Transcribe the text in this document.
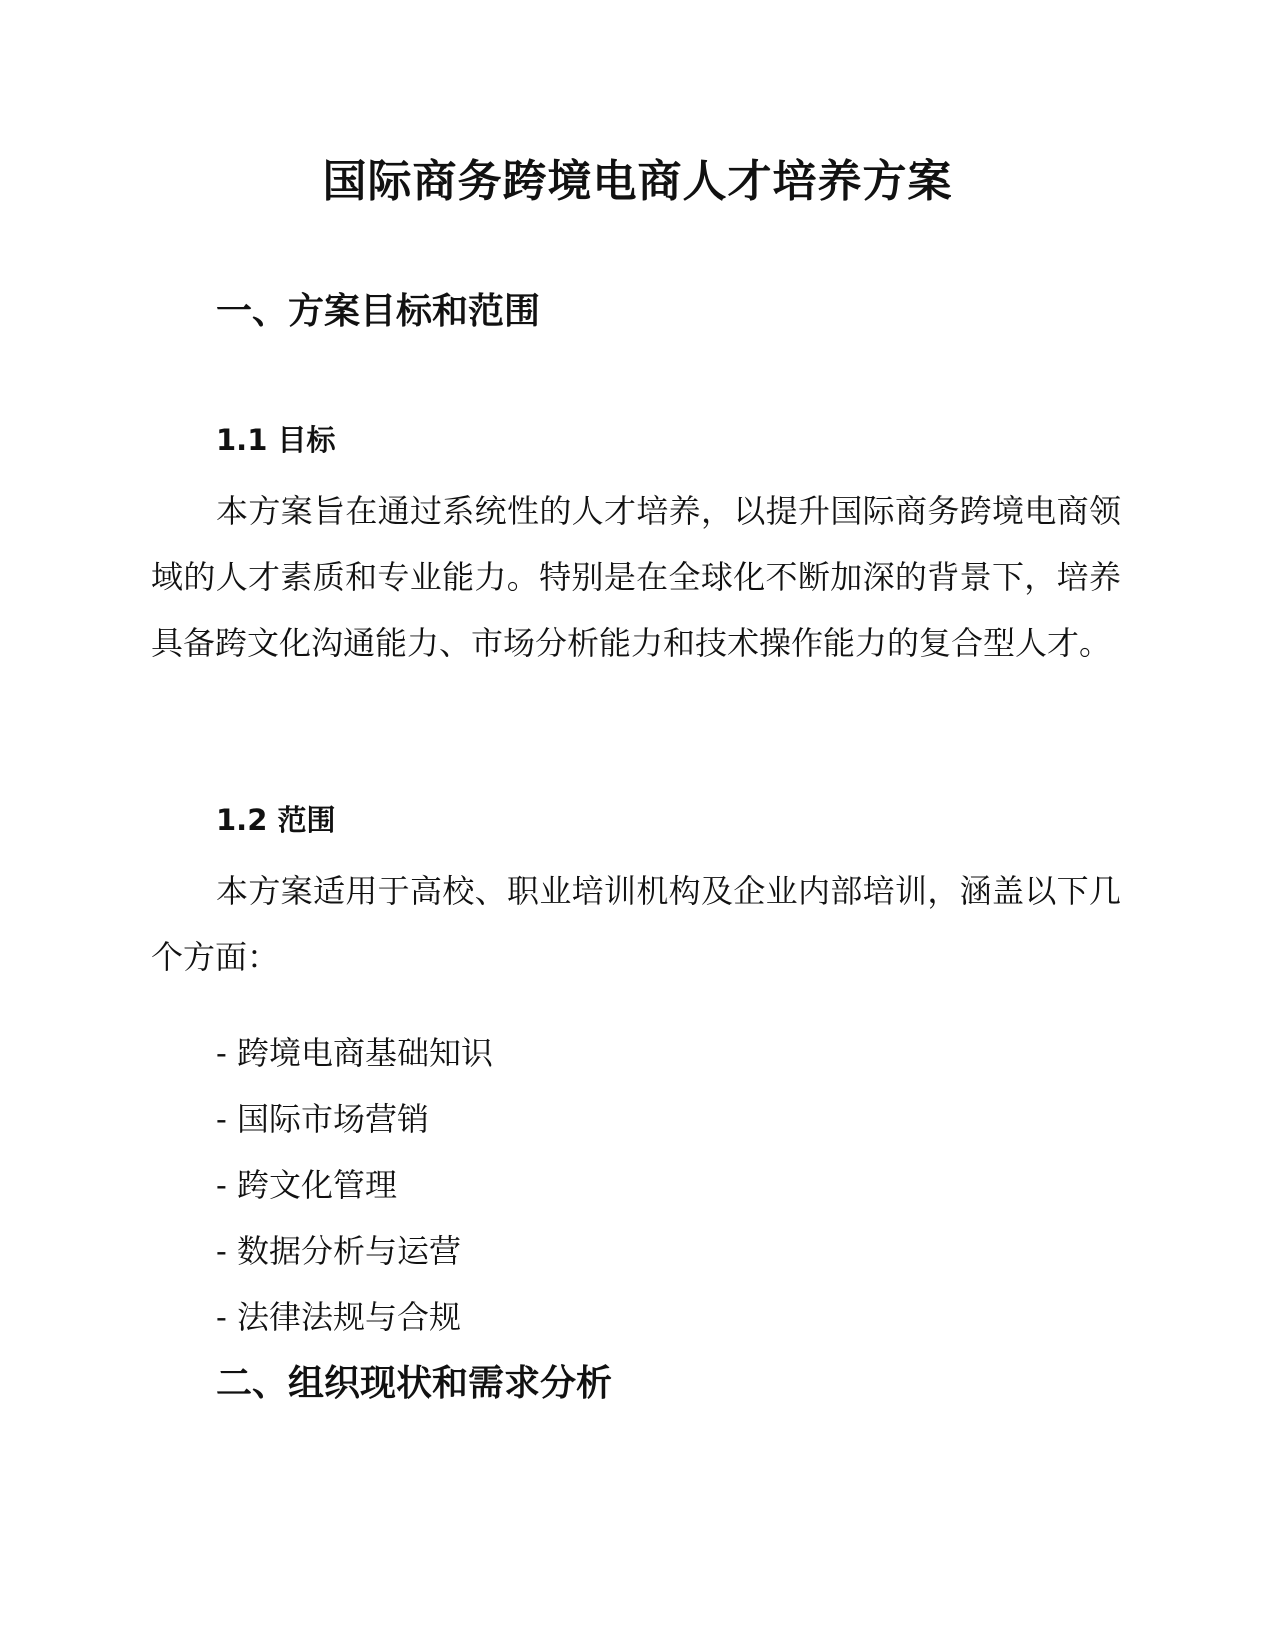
国际商务跨境电商人才培养方案
一、方案目标和范围
1.1 目标

本方案旨在通过系统性的人才培养，以提升国际商务跨境电商领域的人才素质和专业能力。特别是在全球化不断加深的背景下，培养具备跨文化沟通能力、市场分析能力和技术操作能力的复合型人才。

1.2 范围

本方案适用于高校、职业培训机构及企业内部培训，涵盖以下几个方面：

- 跨境电商基础知识
- 国际市场营销
- 跨文化管理
- 数据分析与运营
- 法律法规与合规
二、组织现状和需求分析
